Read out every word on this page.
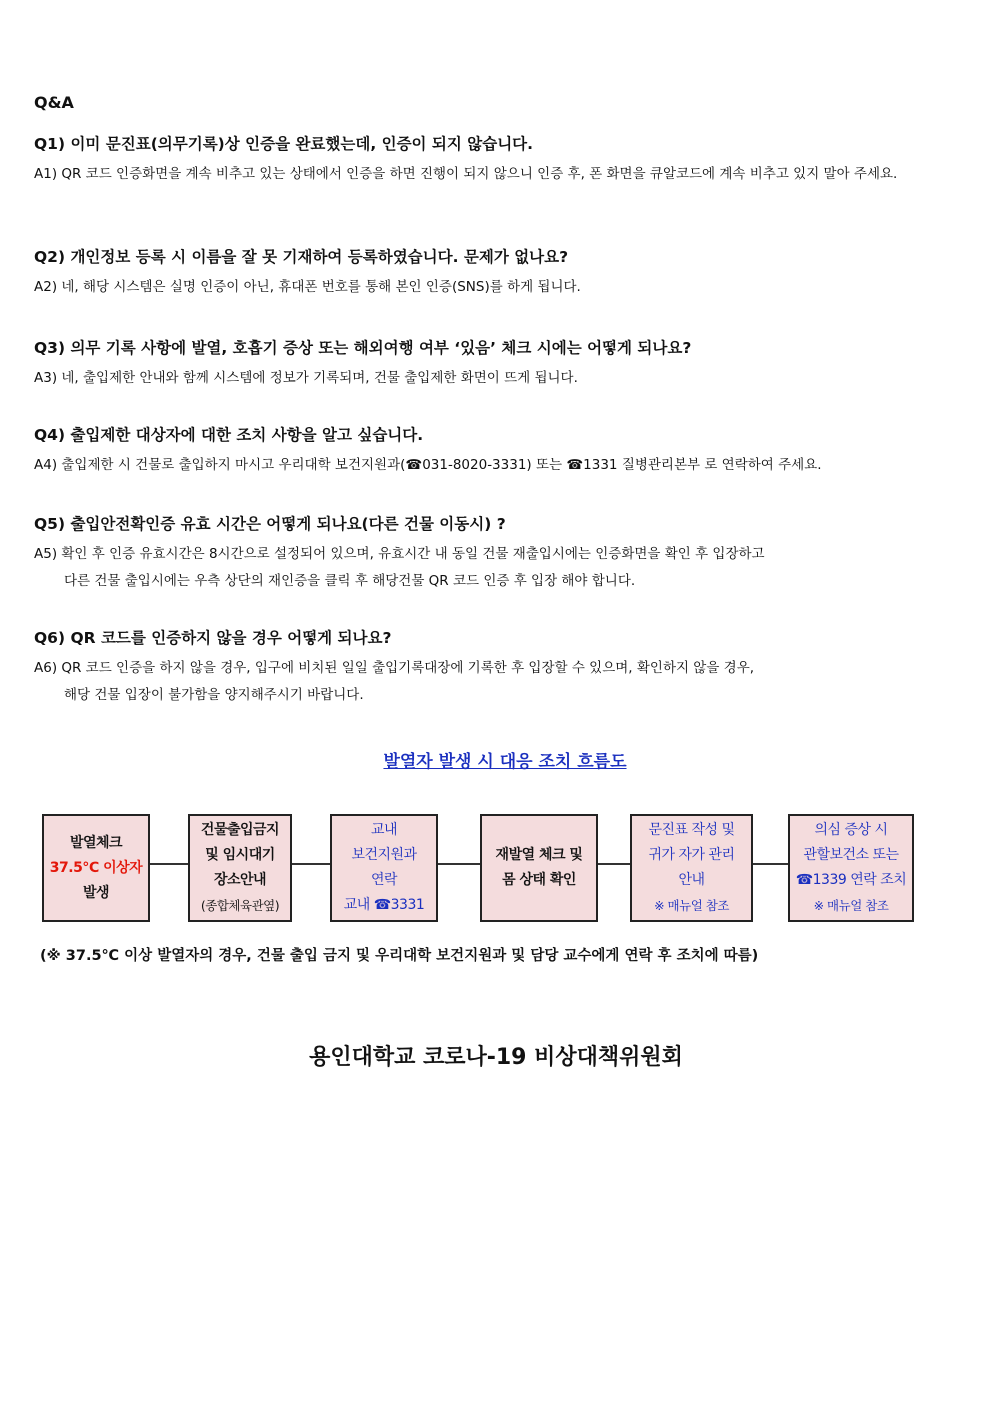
Q&A

Q1) 이미 문진표(의무기록)상 인증을 완료했는데, 인증이 되지 않습니다.

A1) QR 코드 인증화면을 계속 비추고 있는 상태에서 인증을 하면 진행이 되지 않으니 인증 후, 폰 화면을 큐알코드에 계속 비추고 있지 말아 주세요.

Q2) 개인정보 등록 시 이름을 잘 못 기재하여 등록하였습니다. 문제가 없나요?

A2) 네, 해당 시스템은 실명 인증이 아닌, 휴대폰 번호를 통해 본인 인증(SNS)를 하게 됩니다.

Q3) 의무 기록 사항에 발열, 호흡기 증상 또는 해외여행 여부 ‘있음’ 체크 시에는 어떻게 되나요?

A3) 네, 출입제한 안내와 함께 시스템에 정보가 기록되며, 건물 출입제한 화면이 뜨게 됩니다.

Q4) 출입제한 대상자에 대한 조치 사항을 알고 싶습니다.

A4) 출입제한 시 건물로 출입하지 마시고 우리대학 보건지원과(☎031-8020-3331) 또는 ☎1331 질병관리본부 로 연락하여 주세요.

Q5) 출입안전확인증 유효 시간은 어떻게 되나요(다른 건물 이동시) ?

A5) 확인 후 인증 유효시간은 8시간으로 설정되어 있으며, 유효시간 내 동일 건물 재출입시에는 인증화면을 확인 후 입장하고
다른 건물 출입시에는 우측 상단의 재인증을 클릭 후 해당건물 QR 코드 인증 후 입장 해야 합니다.

Q6) QR 코드를 인증하지 않을 경우 어떻게 되나요?

A6) QR 코드 인증을 하지 않을 경우, 입구에 비치된 일일 출입기록대장에 기록한 후 입장할 수 있으며, 확인하지 않을 경우,
해당 건물 입장이 불가함을 양지해주시기 바랍니다.

발열자 발생 시 대응 조치 흐름도
발열체크
37.5℃ 이상자
발생
건물출입금지
및 임시대기
장소안내
(종합체육관옆)
교내
보건지원과
연락
교내 ☎3331
재발열 체크 및
몸 상태 확인
문진표 작성 및
귀가 자가 관리
안내
※ 매뉴얼 참조
의심 증상 시
관할보건소 또는
☎1339 연락 조치
※ 매뉴얼 참조
(※ 37.5℃ 이상 발열자의 경우, 건물 출입 금지 및 우리대학 보건지원과 및 담당 교수에게 연락 후 조치에 따름)
용인대학교 코로나-19 비상대책위원회
